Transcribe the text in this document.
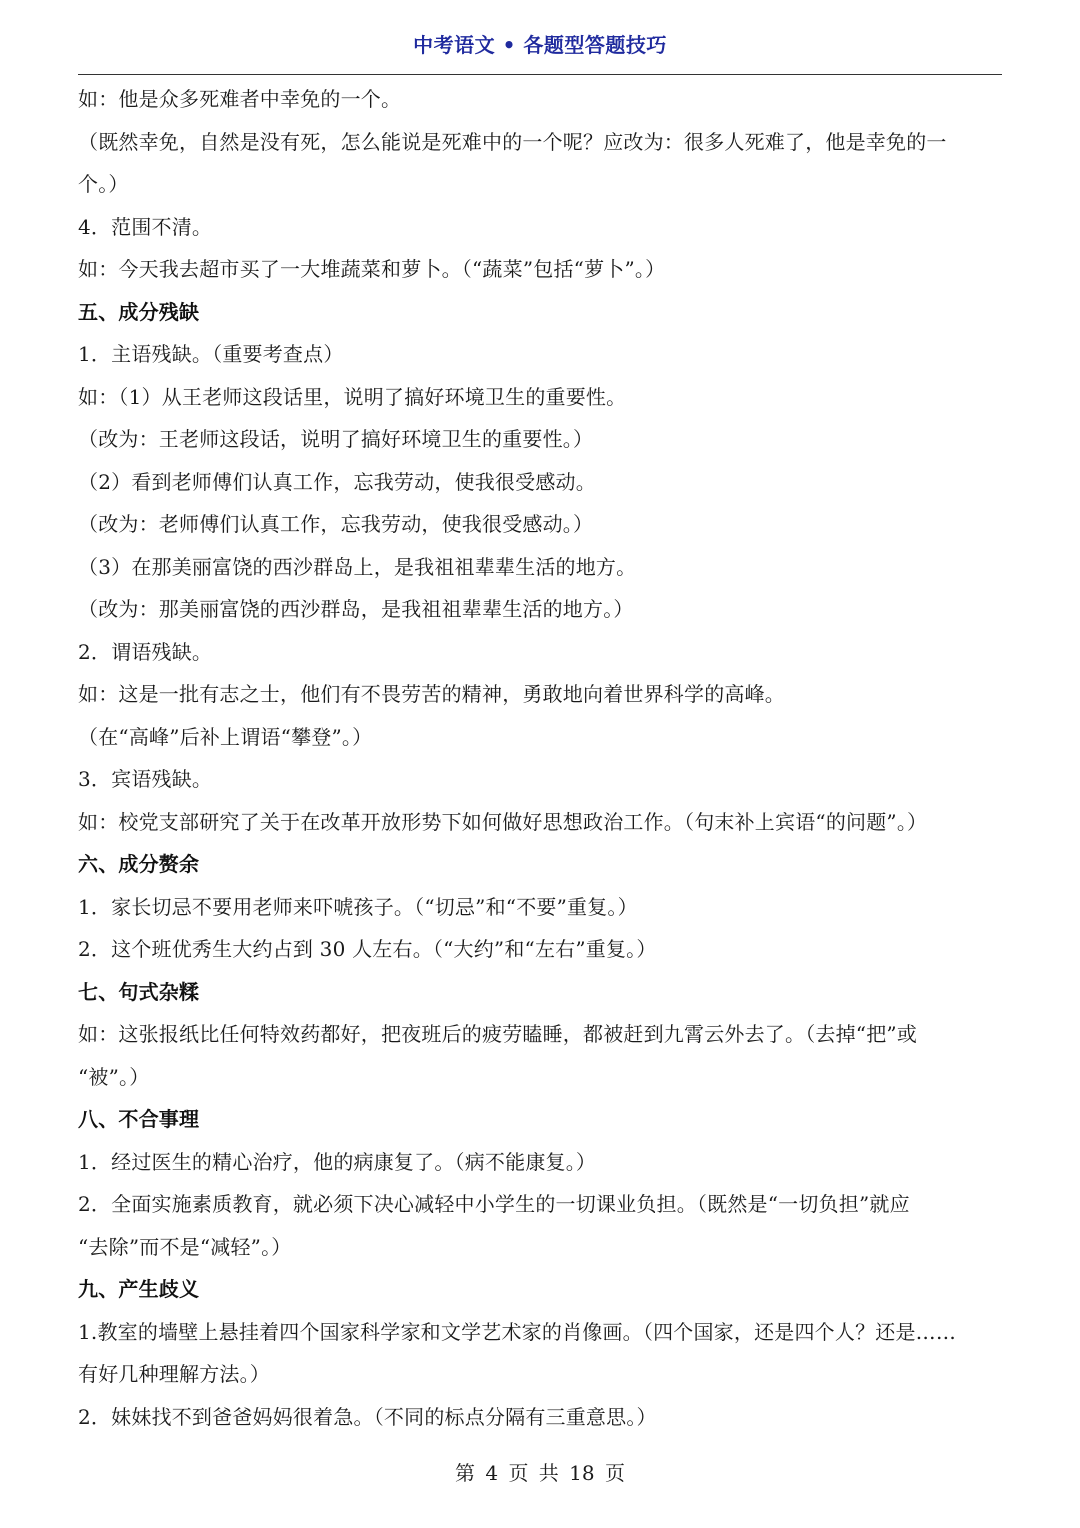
中考语文 • 各题型答题技巧
如：他是众多死难者中幸免的一个。
（既然幸免，自然是没有死，怎么能说是死难中的一个呢？应改为：很多人死难了，他是幸免的一
个。）
4．范围不清。
如：今天我去超市买了一大堆蔬菜和萝卜。（“蔬菜”包括“萝卜”。）
五、成分残缺
1．主语残缺。（重要考查点）
如：（1）从王老师这段话里，说明了搞好环境卫生的重要性。
（改为：王老师这段话，说明了搞好环境卫生的重要性。）
（2）看到老师傅们认真工作，忘我劳动，使我很受感动。
（改为：老师傅们认真工作，忘我劳动，使我很受感动。）
（3）在那美丽富饶的西沙群岛上，是我祖祖辈辈生活的地方。
（改为：那美丽富饶的西沙群岛，是我祖祖辈辈生活的地方。）
2．谓语残缺。
如：这是一批有志之士，他们有不畏劳苦的精神，勇敢地向着世界科学的高峰。
（在“高峰”后补上谓语“攀登”。）
3．宾语残缺。
如：校党支部研究了关于在改革开放形势下如何做好思想政治工作。（句末补上宾语“的问题”。）
六、成分赘余
1．家长切忌不要用老师来吓唬孩子。（“切忌”和“不要”重复。）
2．这个班优秀生大约占到 30 人左右。（“大约”和“左右”重复。）
七、句式杂糅
如：这张报纸比任何特效药都好，把夜班后的疲劳瞌睡，都被赶到九霄云外去了。（去掉“把”或
“被”。）
八、不合事理
1．经过医生的精心治疗，他的病康复了。（病不能康复。）
2．全面实施素质教育，就必须下决心减轻中小学生的一切课业负担。（既然是“一切负担”就应
“去除”而不是“减轻”。）
九、产生歧义
1.教室的墙壁上悬挂着四个国家科学家和文学艺术家的肖像画。（四个国家，还是四个人？还是……
有好几种理解方法。）
2．妹妹找不到爸爸妈妈很着急。（不同的标点分隔有三重意思。）
第 4 页 共 18 页
